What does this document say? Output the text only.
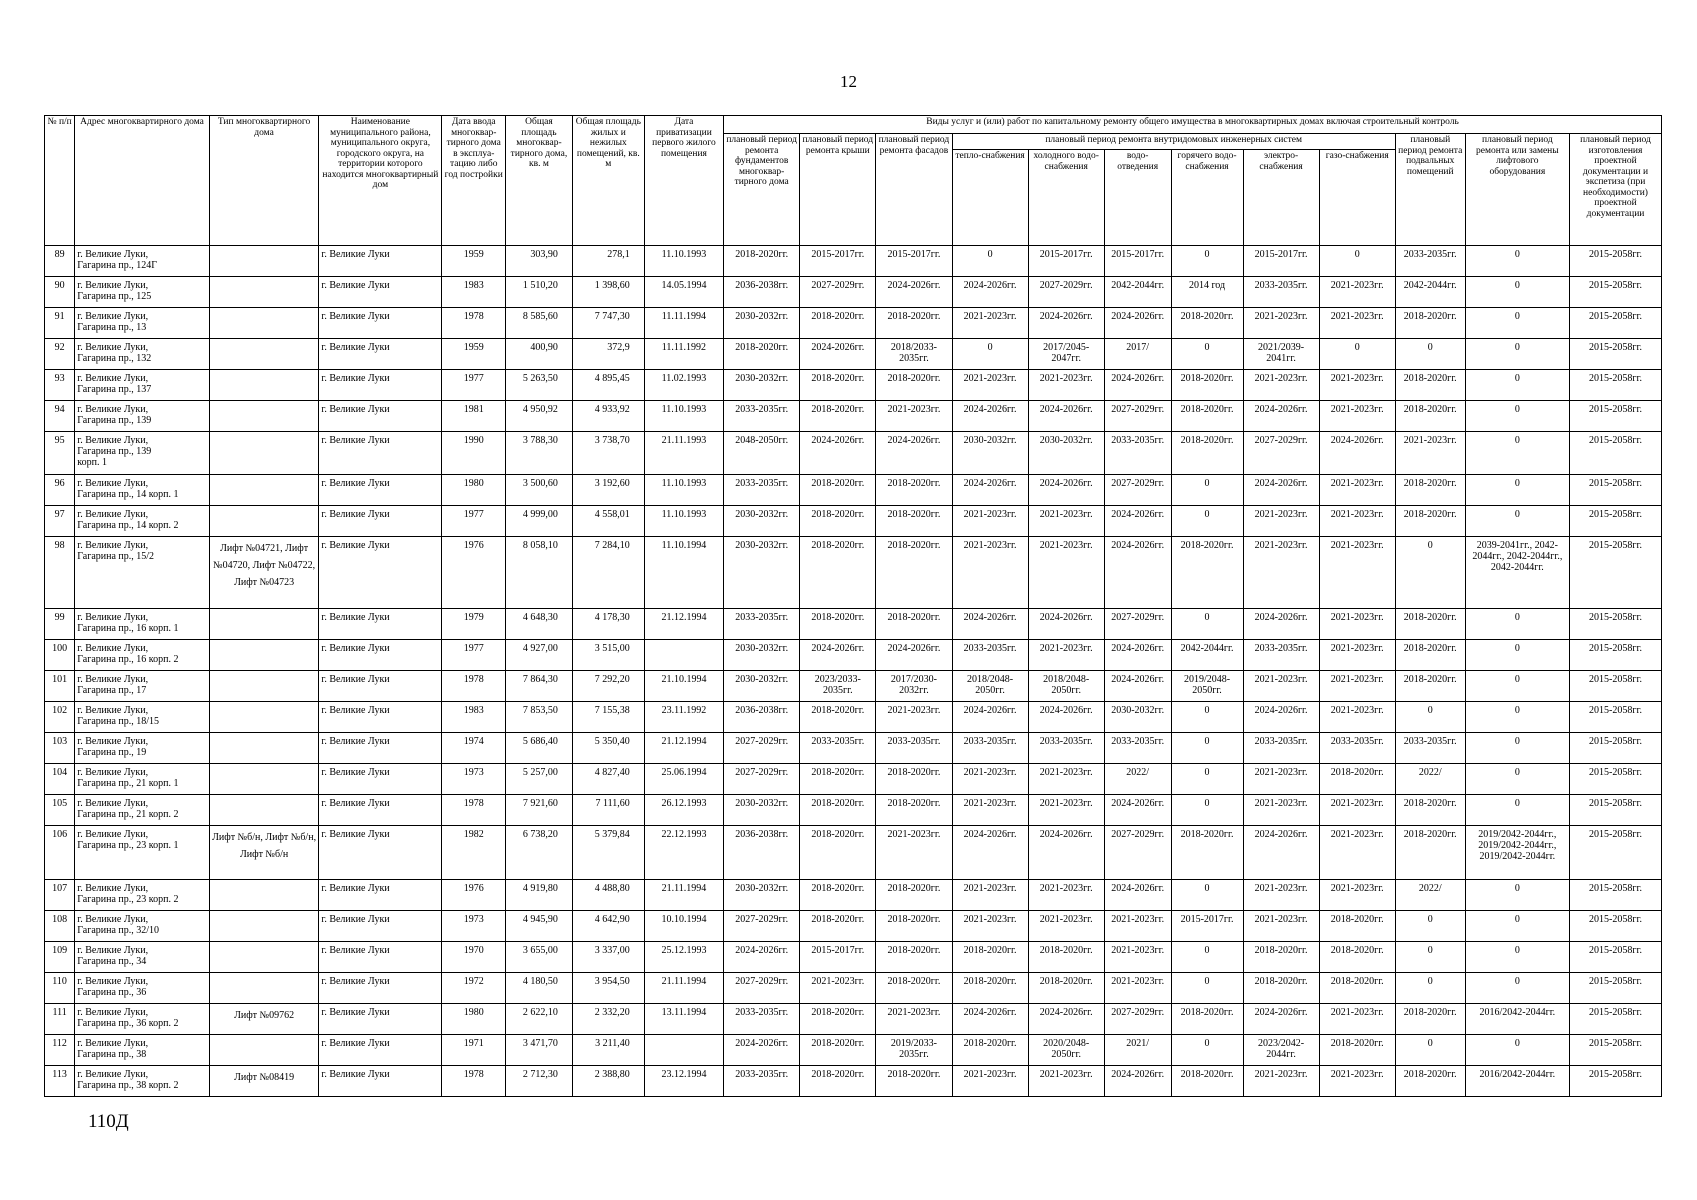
12
№ п/п	Адрес многоквартирного дома	Тип многоквартирного дома	Наименование муниципального района, муниципального округа, городского округа, на территории которого находится многоквартирный дом	Дата ввода многоквар-тирного дома в эксплуа-тацию либо год постройки	Общая площадь многоквар-тирного дома, кв. м	Общая площадь жилых и нежилых помещений, кв. м	Дата приватизации первого жилого помещения	Виды услуг и (или) работ по капитальному ремонту общего имущества в многоквартирных домах включая строительный контроль											
								плановый период ремонта фундаментов многоквар-тирного дома	плановый период ремонта крыши	плановый период ремонта фасадов	плановый период ремонта внутридомовых инженерных систем						плановый период ремонта подвальных помещений	плановый период ремонта или замены лифтового оборудования	плановый период изготовления проектной документации и экспетиза (при необходимости) проектной документации
											тепло-снабжения	холодного водо-снабжения	водо-отведения	горячего водо-снабжения	электро-снабжения	газо-снабжения			
89	г. Великие Луки,
Гагарина пр., 124Г		г. Великие Луки	1959	303,90	278,1	11.10.1993	2018-2020гг.	2015-2017гг.	2015-2017гг.	0	2015-2017гг.	2015-2017гг.	0	2015-2017гг.	0	2033-2035гг.	0	2015-2058гг.
90	г. Великие Луки,
Гагарина пр., 125		г. Великие Луки	1983	1 510,20	1 398,60	14.05.1994	2036-2038гг.	2027-2029гг.	2024-2026гг.	2024-2026гг.	2027-2029гг.	2042-2044гг.	2014 год	2033-2035гг.	2021-2023гг.	2042-2044гг.	0	2015-2058гг.
91	г. Великие Луки,
Гагарина пр., 13		г. Великие Луки	1978	8 585,60	7 747,30	11.11.1994	2030-2032гг.	2018-2020гг.	2018-2020гг.	2021-2023гг.	2024-2026гг.	2024-2026гг.	2018-2020гг.	2021-2023гг.	2021-2023гг.	2018-2020гг.	0	2015-2058гг.
92	г. Великие Луки,
Гагарина пр., 132		г. Великие Луки	1959	400,90	372,9	11.11.1992	2018-2020гг.	2024-2026гг.	2018/2033-2035гг.	0	2017/2045-2047гг.	2017/	0	2021/2039-2041гг.	0	0	0	2015-2058гг.
93	г. Великие Луки,
Гагарина пр., 137		г. Великие Луки	1977	5 263,50	4 895,45	11.02.1993	2030-2032гг.	2018-2020гг.	2018-2020гг.	2021-2023гг.	2021-2023гг.	2024-2026гг.	2018-2020гг.	2021-2023гг.	2021-2023гг.	2018-2020гг.	0	2015-2058гг.
94	г. Великие Луки,
Гагарина пр., 139		г. Великие Луки	1981	4 950,92	4 933,92	11.10.1993	2033-2035гг.	2018-2020гг.	2021-2023гг.	2024-2026гг.	2024-2026гг.	2027-2029гг.	2018-2020гг.	2024-2026гг.	2021-2023гг.	2018-2020гг.	0	2015-2058гг.
95	г. Великие Луки,
Гагарина пр., 139
корп. 1		г. Великие Луки	1990	3 788,30	3 738,70	21.11.1993	2048-2050гг.	2024-2026гг.	2024-2026гг.	2030-2032гг.	2030-2032гг.	2033-2035гг.	2018-2020гг.	2027-2029гг.	2024-2026гг.	2021-2023гг.	0	2015-2058гг.
96	г. Великие Луки,
Гагарина пр., 14 корп. 1		г. Великие Луки	1980	3 500,60	3 192,60	11.10.1993	2033-2035гг.	2018-2020гг.	2018-2020гг.	2024-2026гг.	2024-2026гг.	2027-2029гг.	0	2024-2026гг.	2021-2023гг.	2018-2020гг.	0	2015-2058гг.
97	г. Великие Луки,
Гагарина пр., 14 корп. 2		г. Великие Луки	1977	4 999,00	4 558,01	11.10.1993	2030-2032гг.	2018-2020гг.	2018-2020гг.	2021-2023гг.	2021-2023гг.	2024-2026гг.	0	2021-2023гг.	2021-2023гг.	2018-2020гг.	0	2015-2058гг.
98	г. Великие Луки,
Гагарина пр., 15/2	Лифт №04721, Лифт №04720, Лифт №04722, Лифт №04723	г. Великие Луки	1976	8 058,10	7 284,10	11.10.1994	2030-2032гг.	2018-2020гг.	2018-2020гг.	2021-2023гг.	2021-2023гг.	2024-2026гг.	2018-2020гг.	2021-2023гг.	2021-2023гг.	0	2039-2041гг., 2042-2044гг., 2042-2044гг., 2042-2044гг.	2015-2058гг.
99	г. Великие Луки,
Гагарина пр., 16 корп. 1		г. Великие Луки	1979	4 648,30	4 178,30	21.12.1994	2033-2035гг.	2018-2020гг.	2018-2020гг.	2024-2026гг.	2024-2026гг.	2027-2029гг.	0	2024-2026гг.	2021-2023гг.	2018-2020гг.	0	2015-2058гг.
100	г. Великие Луки,
Гагарина пр., 16 корп. 2		г. Великие Луки	1977	4 927,00	3 515,00		2030-2032гг.	2024-2026гг.	2024-2026гг.	2033-2035гг.	2021-2023гг.	2024-2026гг.	2042-2044гг.	2033-2035гг.	2021-2023гг.	2018-2020гг.	0	2015-2058гг.
101	г. Великие Луки,
Гагарина пр., 17		г. Великие Луки	1978	7 864,30	7 292,20	21.10.1994	2030-2032гг.	2023/2033-2035гг.	2017/2030-2032гг.	2018/2048-2050гг.	2018/2048-2050гг.	2024-2026гг.	2019/2048-2050гг.	2021-2023гг.	2021-2023гг.	2018-2020гг.	0	2015-2058гг.
102	г. Великие Луки,
Гагарина пр., 18/15		г. Великие Луки	1983	7 853,50	7 155,38	23.11.1992	2036-2038гг.	2018-2020гг.	2021-2023гг.	2024-2026гг.	2024-2026гг.	2030-2032гг.	0	2024-2026гг.	2021-2023гг.	0	0	2015-2058гг.
103	г. Великие Луки,
Гагарина пр., 19		г. Великие Луки	1974	5 686,40	5 350,40	21.12.1994	2027-2029гг.	2033-2035гг.	2033-2035гг.	2033-2035гг.	2033-2035гг.	2033-2035гг.	0	2033-2035гг.	2033-2035гг.	2033-2035гг.	0	2015-2058гг.
104	г. Великие Луки,
Гагарина пр., 21 корп. 1		г. Великие Луки	1973	5 257,00	4 827,40	25.06.1994	2027-2029гг.	2018-2020гг.	2018-2020гг.	2021-2023гг.	2021-2023гг.	2022/	0	2021-2023гг.	2018-2020гг.	2022/	0	2015-2058гг.
105	г. Великие Луки,
Гагарина пр., 21 корп. 2		г. Великие Луки	1978	7 921,60	7 111,60	26.12.1993	2030-2032гг.	2018-2020гг.	2018-2020гг.	2021-2023гг.	2021-2023гг.	2024-2026гг.	0	2021-2023гг.	2021-2023гг.	2018-2020гг.	0	2015-2058гг.
106	г. Великие Луки,
Гагарина пр., 23 корп. 1	Лифт №б/н, Лифт №б/н, Лифт №б/н	г. Великие Луки	1982	6 738,20	5 379,84	22.12.1993	2036-2038гг.	2018-2020гг.	2021-2023гг.	2024-2026гг.	2024-2026гг.	2027-2029гг.	2018-2020гг.	2024-2026гг.	2021-2023гг.	2018-2020гг.	2019/2042-2044гг., 2019/2042-2044гг., 2019/2042-2044гг.	2015-2058гг.
107	г. Великие Луки,
Гагарина пр., 23 корп. 2		г. Великие Луки	1976	4 919,80	4 488,80	21.11.1994	2030-2032гг.	2018-2020гг.	2018-2020гг.	2021-2023гг.	2021-2023гг.	2024-2026гг.	0	2021-2023гг.	2021-2023гг.	2022/	0	2015-2058гг.
108	г. Великие Луки,
Гагарина пр., 32/10		г. Великие Луки	1973	4 945,90	4 642,90	10.10.1994	2027-2029гг.	2018-2020гг.	2018-2020гг.	2021-2023гг.	2021-2023гг.	2021-2023гг.	2015-2017гг.	2021-2023гг.	2018-2020гг.	0	0	2015-2058гг.
109	г. Великие Луки,
Гагарина пр., 34		г. Великие Луки	1970	3 655,00	3 337,00	25.12.1993	2024-2026гг.	2015-2017гг.	2018-2020гг.	2018-2020гг.	2018-2020гг.	2021-2023гг.	0	2018-2020гг.	2018-2020гг.	0	0	2015-2058гг.
110	г. Великие Луки,
Гагарина пр., 36		г. Великие Луки	1972	4 180,50	3 954,50	21.11.1994	2027-2029гг.	2021-2023гг.	2018-2020гг.	2018-2020гг.	2018-2020гг.	2021-2023гг.	0	2018-2020гг.	2018-2020гг.	0	0	2015-2058гг.
111	г. Великие Луки,
Гагарина пр., 36 корп. 2	Лифт №09762	г. Великие Луки	1980	2 622,10	2 332,20	13.11.1994	2033-2035гг.	2018-2020гг.	2021-2023гг.	2024-2026гг.	2024-2026гг.	2027-2029гг.	2018-2020гг.	2024-2026гг.	2021-2023гг.	2018-2020гг.	2016/2042-2044гг.	2015-2058гг.
112	г. Великие Луки,
Гагарина пр., 38		г. Великие Луки	1971	3 471,70	3 211,40		2024-2026гг.	2018-2020гг.	2019/2033-2035гг.	2018-2020гг.	2020/2048-2050гг.	2021/	0	2023/2042-2044гг.	2018-2020гг.	0	0	2015-2058гг.
113	г. Великие Луки,
Гагарина пр., 38 корп. 2	Лифт №08419	г. Великие Луки	1978	2 712,30	2 388,80	23.12.1994	2033-2035гг.	2018-2020гг.	2018-2020гг.	2021-2023гг.	2021-2023гг.	2024-2026гг.	2018-2020гг.	2021-2023гг.	2021-2023гг.	2018-2020гг.	2016/2042-2044гг.	2015-2058гг.
110Д
